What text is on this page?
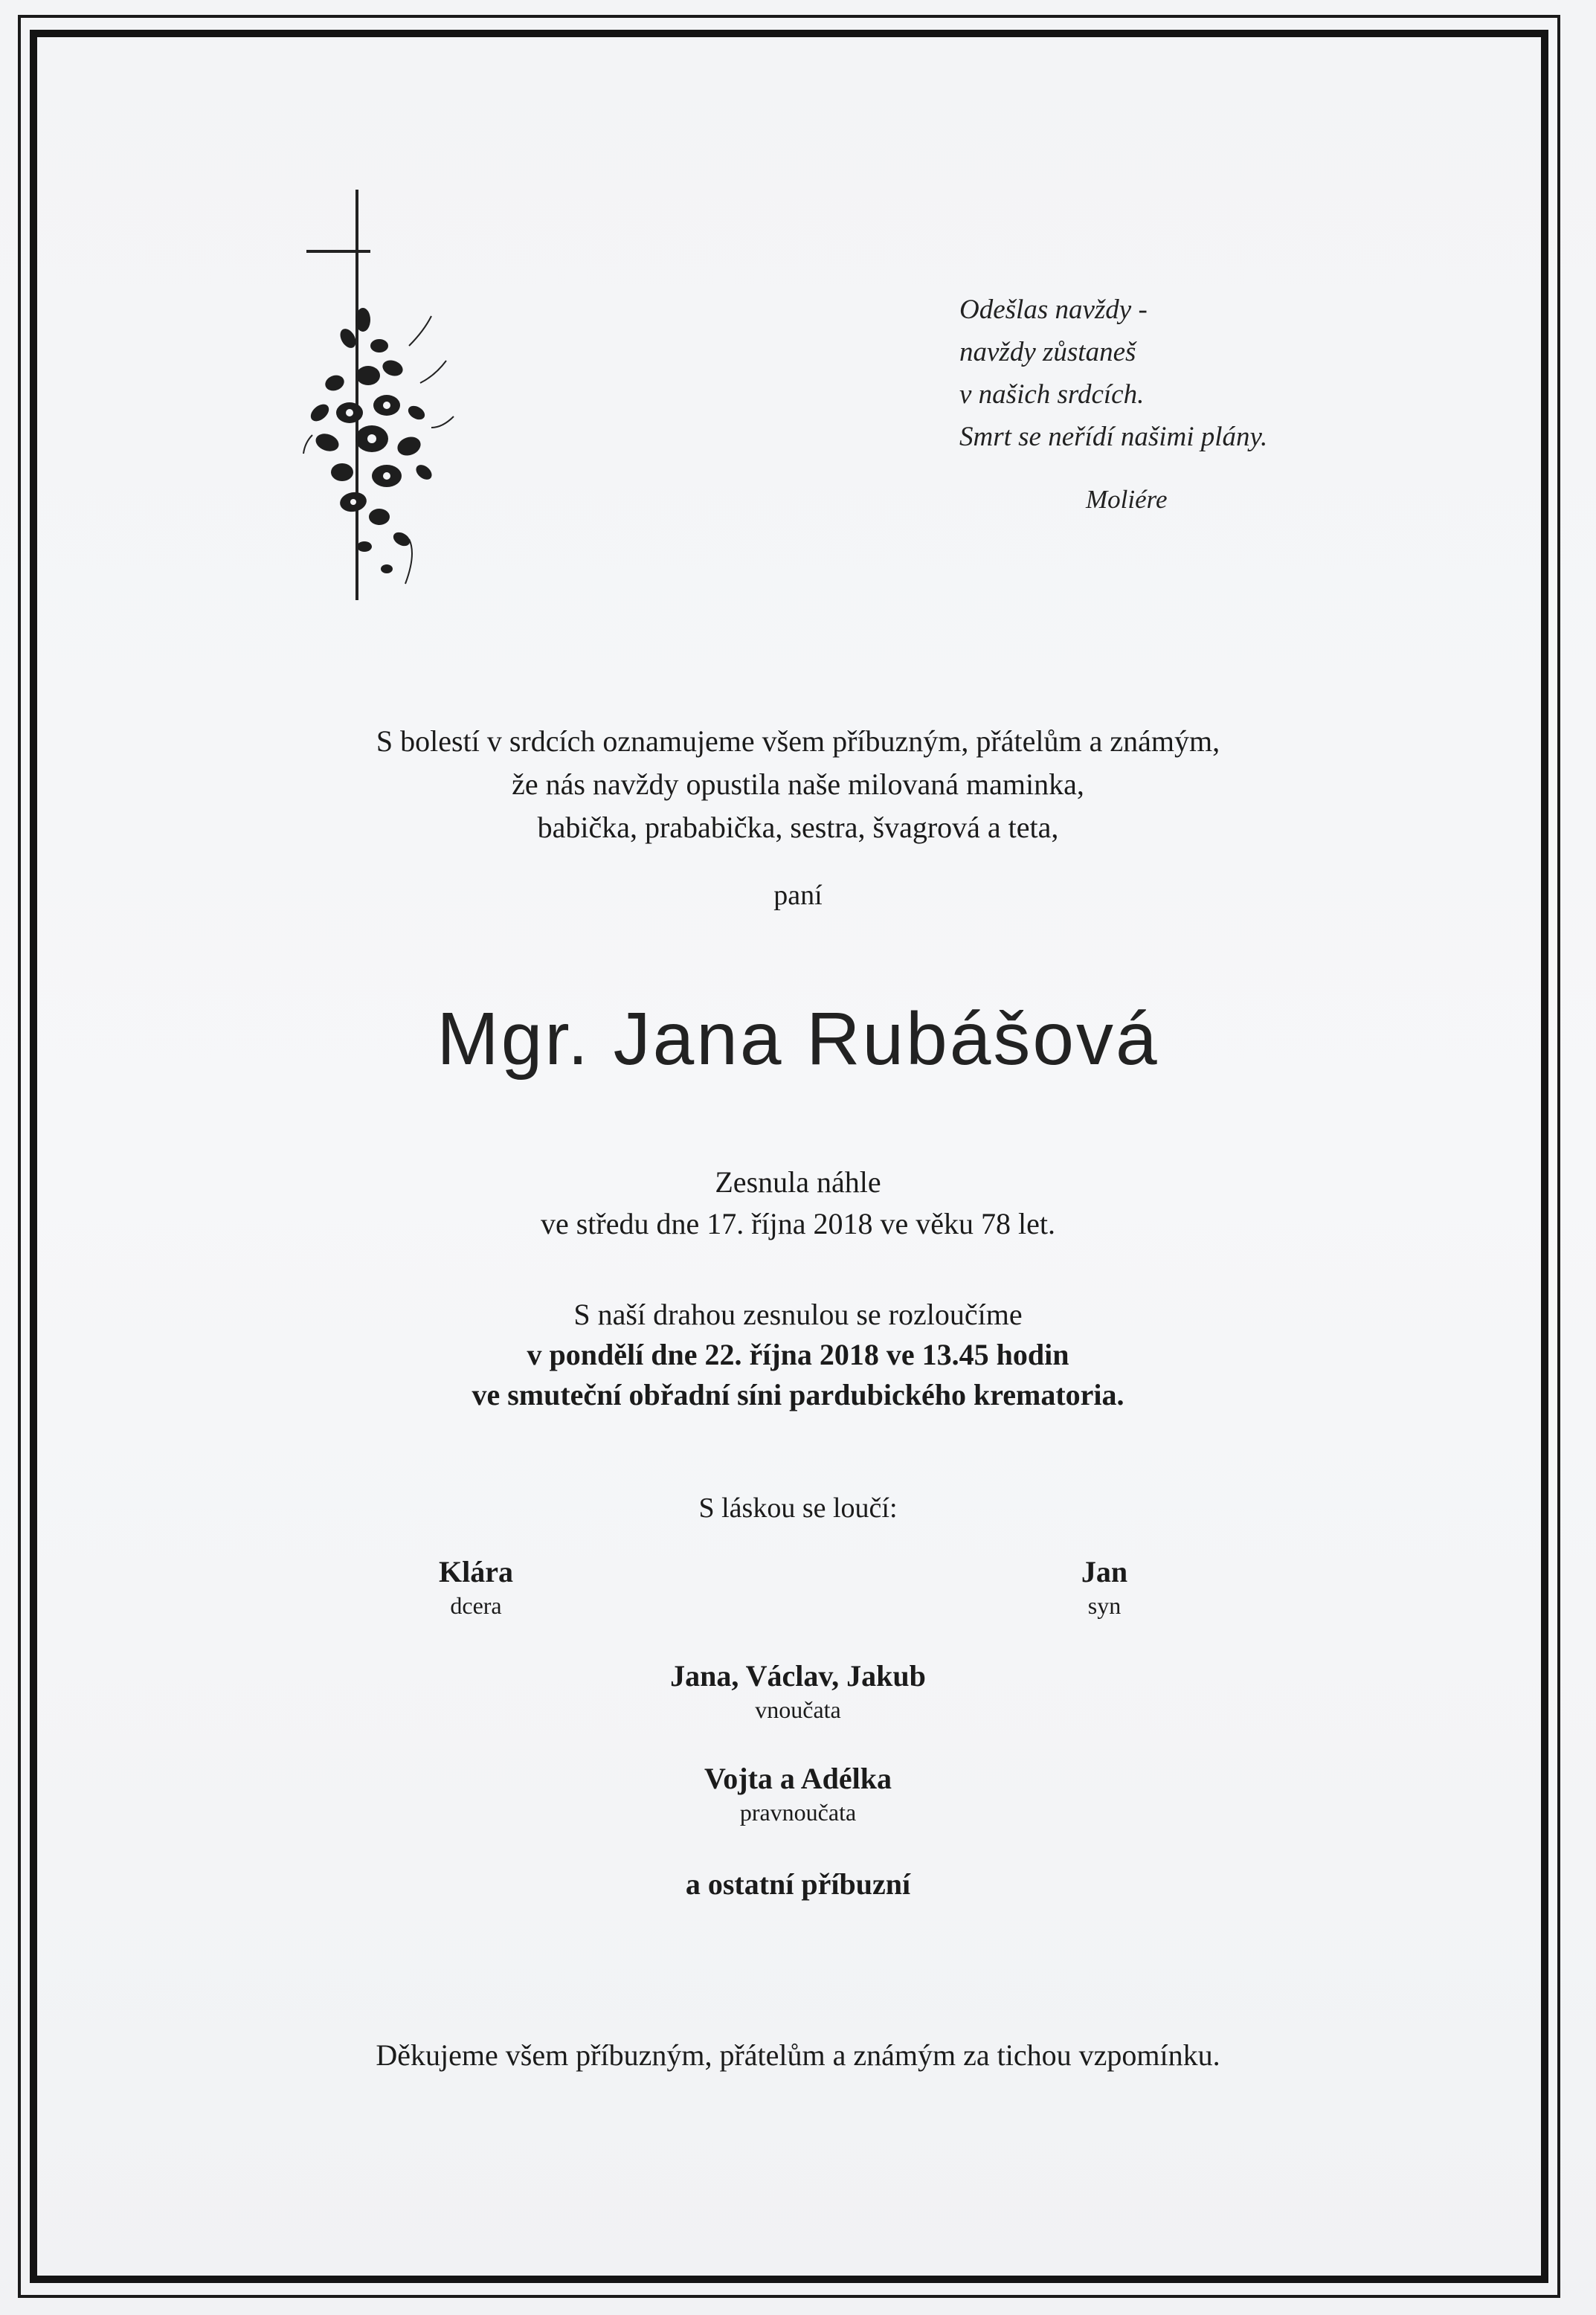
Odešlas navždy -
navždy zůstaneš
v našich srdcích.
Smrt se neřídí našimi plány.
Moliére
S bolestí v srdcích oznamujeme všem příbuzným, přátelům a známým,
že nás navždy opustila naše milovaná maminka,
babička, prababička, sestra, švagrová a teta,
paní
Mgr. Jana Rubášová
Zesnula náhle
ve středu dne 17. října 2018 ve věku 78 let.
S naší drahou zesnulou se rozloučíme
v pondělí dne 22. října 2018 ve 13.45 hodin
ve smuteční obřadní síni pardubického krematoria.
S láskou se loučí:
Klára
dcera
Jan
syn
Jana, Václav, Jakub
vnoučata
Vojta a Adélka
pravnoučata
a ostatní příbuzní
Děkujeme všem příbuzným, přátelům a známým za tichou vzpomínku.
